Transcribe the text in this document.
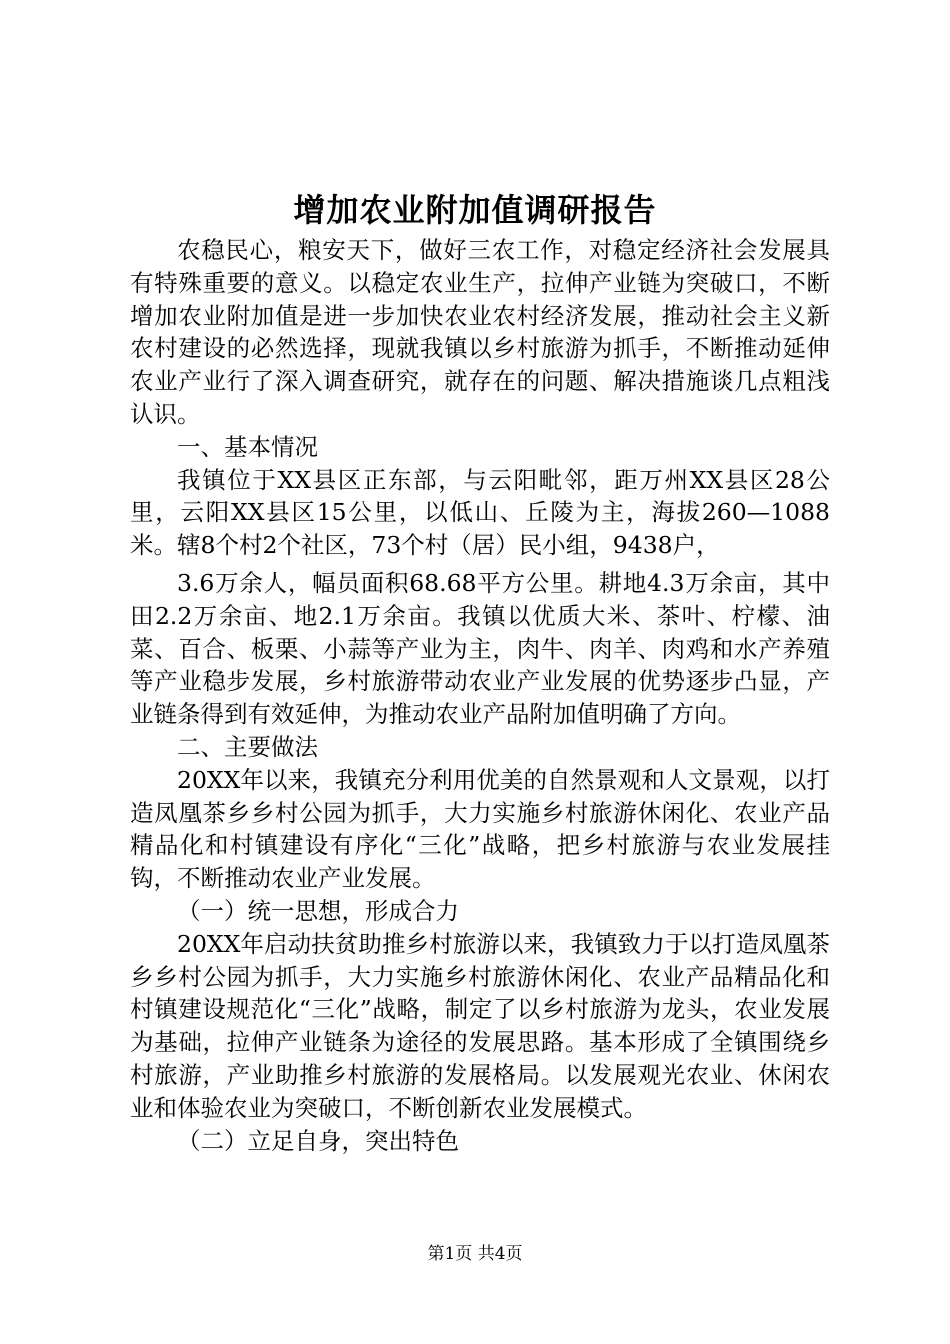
增加农业附加值调研报告

农稳民心，粮安天下，做好三农工作，对稳定经济社会发展具有特殊重要的意义。以稳定农业生产，拉伸产业链为突破口，不断增加农业附加值是进一步加快农业农村经济发展，推动社会主义新农村建设的必然选择，现就我镇以乡村旅游为抓手，不断推动延伸农业产业行了深入调查研究，就存在的问题、解决措施谈几点粗浅认识。

一、基本情况

我镇位于XX县区正东部，与云阳毗邻，距万州XX县区28公里，云阳XX县区15公里，以低山、丘陵为主，海拔260—1088米。辖8个村2个社区，73个村（居）民小组，9438户，

3.6万余人，幅员面积68.68平方公里。耕地4.3万余亩，其中田2.2万余亩、地2.1万余亩。我镇以优质大米、茶叶、柠檬、油菜、百合、板栗、小蒜等产业为主，肉牛、肉羊、肉鸡和水产养殖等产业稳步发展，乡村旅游带动农业产业发展的优势逐步凸显，产业链条得到有效延伸，为推动农业产品附加值明确了方向。

二、主要做法

20XX年以来，我镇充分利用优美的自然景观和人文景观，以打造凤凰茶乡乡村公园为抓手，大力实施乡村旅游休闲化、农业产品精品化和村镇建设有序化“三化”战略，把乡村旅游与农业发展挂钩，不断推动农业产业发展。

（一）统一思想，形成合力

20XX年启动扶贫助推乡村旅游以来，我镇致力于以打造凤凰茶乡乡村公园为抓手，大力实施乡村旅游休闲化、农业产品精品化和村镇建设规范化“三化”战略，制定了以乡村旅游为龙头，农业发展为基础，拉伸产业链条为途径的发展思路。基本形成了全镇围绕乡村旅游，产业助推乡村旅游的发展格局。以发展观光农业、休闲农业和体验农业为突破口，不断创新农业发展模式。

（二）立足自身，突出特色

第1页 共4页
